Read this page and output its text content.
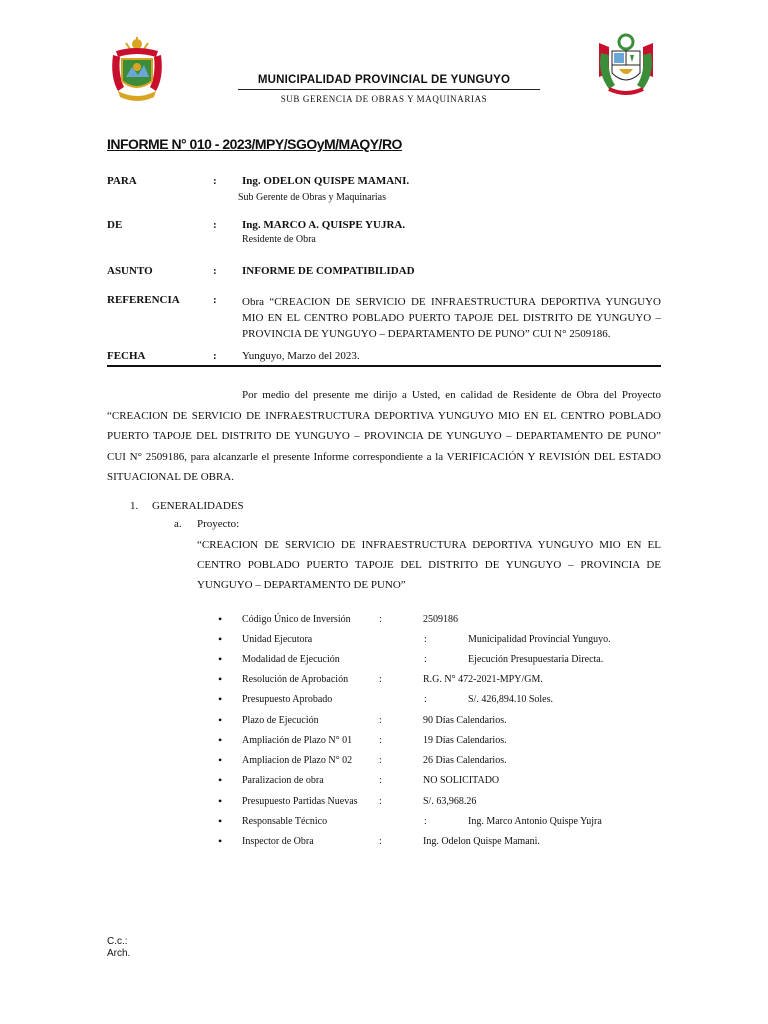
MUNICIPALIDAD PROVINCIAL DE YUNGUYO
SUB GERENCIA DE OBRAS Y MAQUINARIAS
INFORME N° 010 - 2023/MPY/SGOyM/MAQY/RO
PARA	: Ing. ODELON QUISPE MAMANI.
Sub Gerente de Obras y Maquinarias
DE	: Ing. MARCO A. QUISPE YUJRA.
Residente de Obra
ASUNTO	: INFORME DE COMPATIBILIDAD
REFERENCIA	: Obra “CREACION DE SERVICIO DE INFRAESTRUCTURA DEPORTIVA YUNGUYO MIO EN EL CENTRO POBLADO PUERTO TAPOJE DEL DISTRITO DE YUNGUYO – PROVINCIA DE YUNGUYO – DEPARTAMENTO DE PUNO” CUI N° 2509186.
FECHA	: Yunguyo, Marzo del 2023.
Por medio del presente me dirijo a Usted, en calidad de Residente de Obra del Proyecto “CREACION DE SERVICIO DE INFRAESTRUCTURA DEPORTIVA YUNGUYO MIO EN EL CENTRO POBLADO PUERTO TAPOJE DEL DISTRITO DE YUNGUYO – PROVINCIA DE YUNGUYO – DEPARTAMENTO DE PUNO” CUI N° 2509186, para alcanzarle el presente Informe correspondiente a la VERIFICACIÓN Y REVISIÓN DEL ESTADO SITUACIONAL DE OBRA.
1. GENERALIDADES
a. Proyecto:
“CREACION DE SERVICIO DE INFRAESTRUCTURA DEPORTIVA YUNGUYO MIO EN EL CENTRO POBLADO PUERTO TAPOJE DEL DISTRITO DE YUNGUYO – PROVINCIA DE YUNGUYO – DEPARTAMENTO DE PUNO”
• Código Único de Inversión	:	2509186
• Unidad Ejecutora	:	Municipalidad Provincial Yunguyo.
• Modalidad de Ejecución	:	Ejecución Presupuestaria Directa.
• Resolución de Aprobación	:	R.G. N° 472-2021-MPY/GM.
• Presupuesto Aprobado	:	S/. 426,894.10 Soles.
• Plazo de Ejecución	:	90 Días Calendarios.
• Ampliación de Plazo N° 01	:	19 Días Calendarios.
• Ampliacion de Plazo N° 02	:	26 Dias Calendarios.
• Paralizacion de obra	:	NO SOLICITADO
• Presupuesto Partidas Nuevas :	S/. 63,968.26
• Responsable Técnico	:	Ing. Marco Antonio Quispe Yujra
• Inspector de Obra	:	Ing. Odelon Quispe Mamani.
C.c.:
Arch.
